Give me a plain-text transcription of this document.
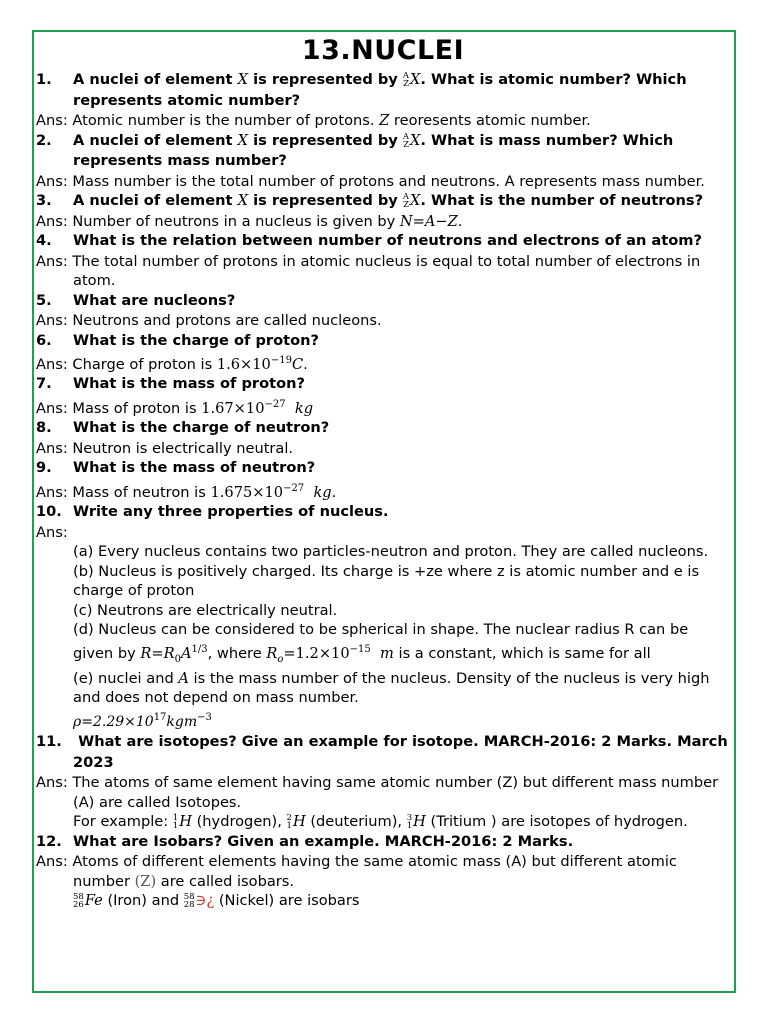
13.NUCLEI
1. A nuclei of element X is represented by A
Z X. What is atomic number? Which represents atomic number?
Ans: Atomic number is the number of protons. Z reoresents atomic number.
2. A nuclei of element X is represented by A
Z X. What is mass number? Which represents mass number?
Ans: Mass number is the total number of protons and neutrons. A represents mass number.
3. A nuclei of element X is represented by A
Z X. What is the number of neutrons?
Ans: Number of neutrons in a nucleus is given by N=A−Z.
4. What is the relation between number of neutrons and electrons of an atom?
Ans: The total number of protons in atomic nucleus is equal to total number of electrons in atom.
5. What are nucleons?
Ans: Neutrons and protons are called nucleons.
6. What is the charge of proton?
Ans: Charge of proton is $1.6\times 10^{-19}C$.
7. What is the mass of proton?
Ans: Mass of proton is $1.67\times 10^{-27}$ kg
8. What is the charge of neutron?
Ans: Neutron is electrically neutral.
9. What is the mass of neutron?
Ans: Mass of neutron is $1.675\times 10^{-27}$ kg.
10. Write any three properties of nucleus.
Ans:
(a) Every nucleus contains two particles-neutron and proton. They are called nucleons.
(b) Nucleus is positively charged. Its charge is +ze where z is atomic number and e is charge of proton
(c) Neutrons are electrically neutral.
(d) Nucleus can be considered to be spherical in shape. The nuclear radius R can be given by $R=R_0A^{1/3}$, where $R_o=1.2\times 10^{-15}$ m is a constant, which is same for all
(e) nuclei and A is the mass number of the nucleus. Density of the nucleus is very high and does not depend on mass number.
$\rho=2.29\times 10^{17}kgm^{-3}$
11. What are isotopes? Give an example for isotope. MARCH-2016: 2 Marks. March 2023
Ans: The atoms of same element having same atomic number (Z) but different mass number (A) are called Isotopes.
For example: 1
1 H (hydrogen), 2
1 H (deuterium), 3
1 H (Tritium ) are isotopes of hydrogen.
12. What are Isobars? Given an example. MARCH-2016: 2 Marks.
Ans: Atoms of different elements having the same atomic mass (A) but different atomic number (Z) are called isobars.
58
26 Fe (Iron) and 58
28 ∋¿ (Nickel) are isobars
